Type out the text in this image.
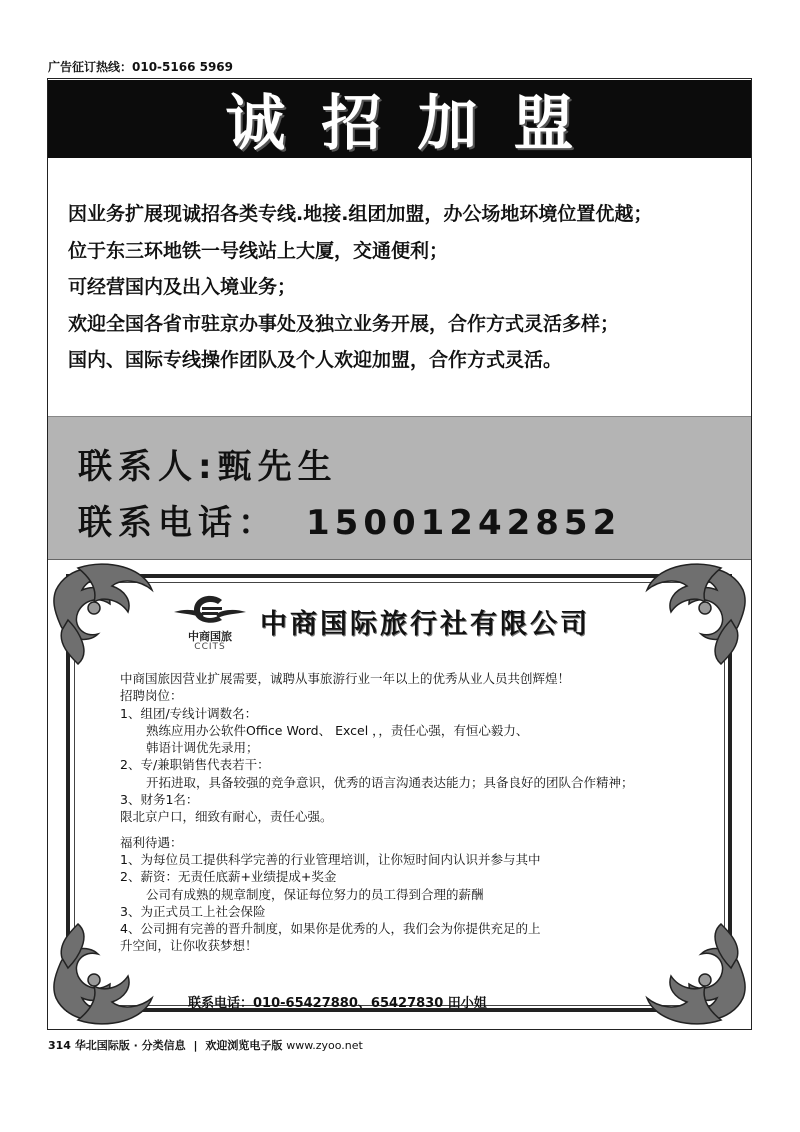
广告征订热线：010-5166 5969
诚招加盟
因业务扩展现诚招各类专线.地接.组团加盟，办公场地环境位置优越；
位于东三环地铁一号线站上大厦，交通便利；
可经营国内及出入境业务；
欢迎全国各省市驻京办事处及独立业务开展，合作方式灵活多样；
国内、国际专线操作团队及个人欢迎加盟，合作方式灵活。
联系人:甄先生
联系电话： 15001242852
中商国旅
CCITS
中商国际旅行社有限公司
中商国旅因营业扩展需要，诚聘从事旅游行业一年以上的优秀从业人员共创辉煌！
招聘岗位：
1、组团/专线计调数名：
熟练应用办公软件Office Word、 Excel ，，责任心强，有恒心毅力、
韩语计调优先录用；
2、专/兼职销售代表若干：
开拓进取，具备较强的竞争意识，优秀的语言沟通表达能力；具备良好的团队合作精神；
3、财务1名：
限北京户口，细致有耐心，责任心强。
福利待遇：
1、为每位员工提供科学完善的行业管理培训，让你短时间内认识并参与其中
2、薪资：无责任底薪+业绩提成+奖金
公司有成熟的规章制度，保证每位努力的员工得到合理的薪酬
3、为正式员工上社会保险
4、公司拥有完善的晋升制度，如果你是优秀的人，我们会为你提供充足的上
升空间，让你收获梦想！
联系电话：010-65427880、65427830 田小姐
314 华北国际版 · 分类信息 | 欢迎浏览电子版 www.zyoo.net
